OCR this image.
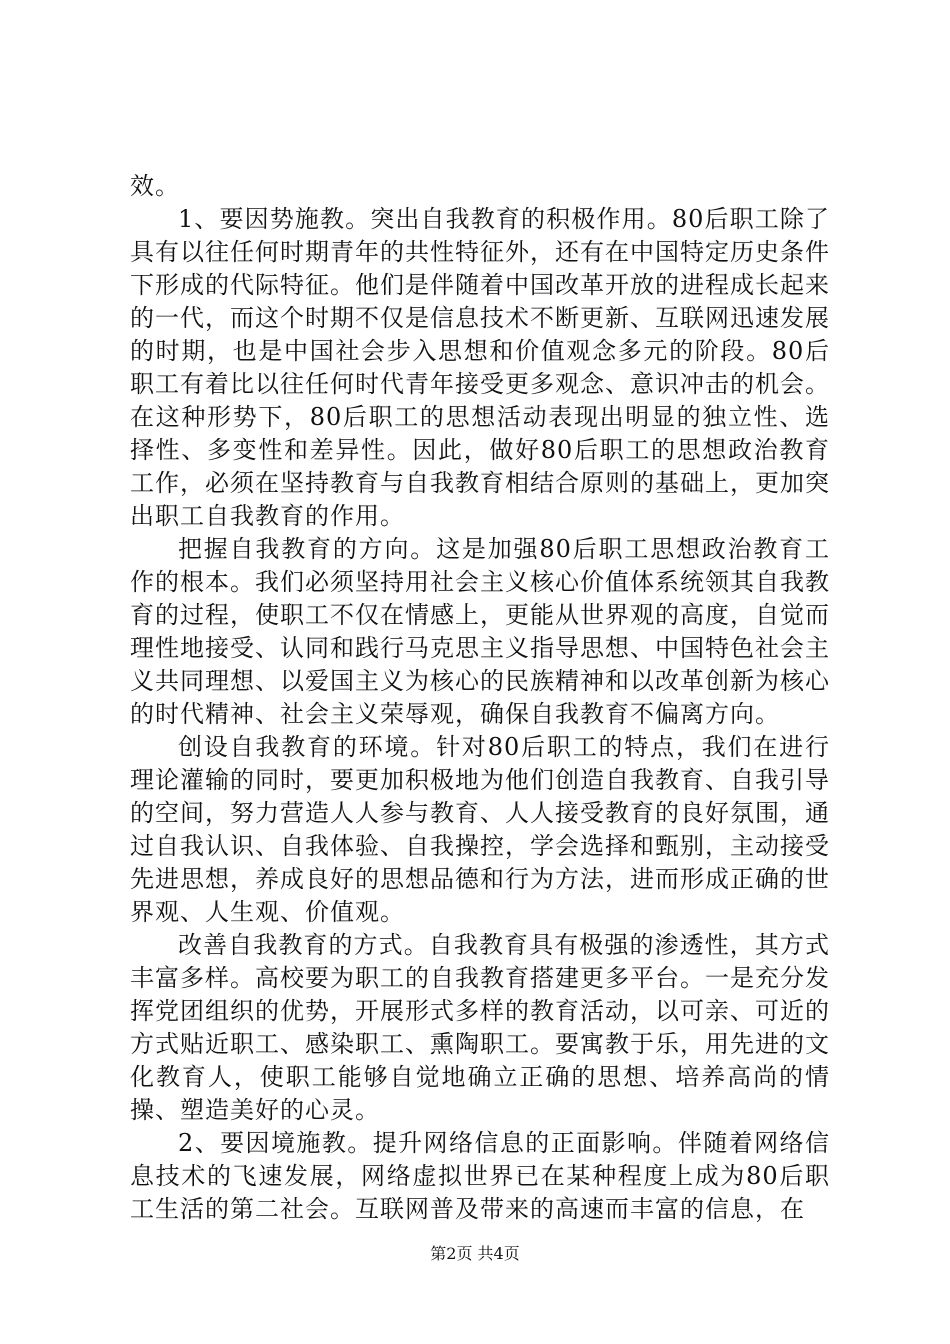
效。

1、要因势施教。突出自我教育的积极作用。80后职工除了具有以往任何时期青年的共性特征外，还有在中国特定历史条件下形成的代际特征。他们是伴随着中国改革开放的进程成长起来的一代，而这个时期不仅是信息技术不断更新、互联网迅速发展的时期，也是中国社会步入思想和价值观念多元的阶段。80后职工有着比以往任何时代青年接受更多观念、意识冲击的机会。在这种形势下，80后职工的思想活动表现出明显的独立性、选择性、多变性和差异性。因此，做好80后职工的思想政治教育工作，必须在坚持教育与自我教育相结合原则的基础上，更加突出职工自我教育的作用。

把握自我教育的方向。这是加强80后职工思想政治教育工作的根本。我们必须坚持用社会主义核心价值体系统领其自我教育的过程，使职工不仅在情感上，更能从世界观的高度，自觉而理性地接受、认同和践行马克思主义指导思想、中国特色社会主义共同理想、以爱国主义为核心的民族精神和以改革创新为核心的时代精神、社会主义荣辱观，确保自我教育不偏离方向。

创设自我教育的环境。针对80后职工的特点，我们在进行理论灌输的同时，要更加积极地为他们创造自我教育、自我引导的空间，努力营造人人参与教育、人人接受教育的良好氛围，通过自我认识、自我体验、自我操控，学会选择和甄别，主动接受先进思想，养成良好的思想品德和行为方法，进而形成正确的世界观、人生观、价值观。

改善自我教育的方式。自我教育具有极强的渗透性，其方式丰富多样。高校要为职工的自我教育搭建更多平台。一是充分发挥党团组织的优势，开展形式多样的教育活动，以可亲、可近的方式贴近职工、感染职工、熏陶职工。要寓教于乐，用先进的文化教育人，使职工能够自觉地确立正确的思想、培养高尚的情操、塑造美好的心灵。

2、要因境施教。提升网络信息的正面影响。伴随着网络信息技术的飞速发展，网络虚拟世界已在某种程度上成为80后职工生活的第二社会。互联网普及带来的高速而丰富的信息，在

第2页 共4页
